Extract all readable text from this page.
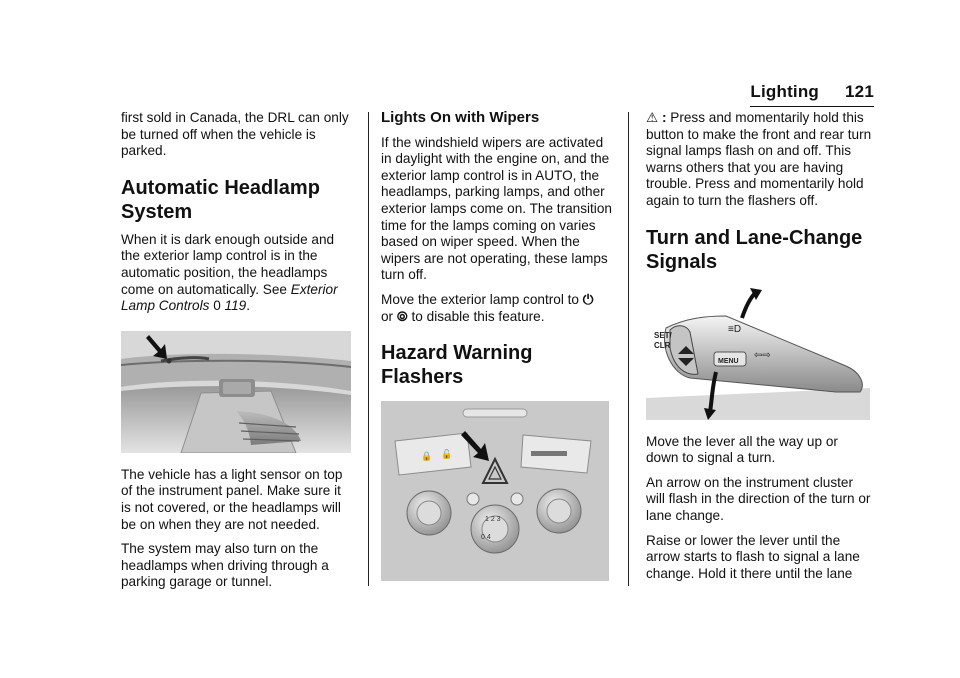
Lighting 121

first sold in Canada, the DRL can only be turned off when the vehicle is parked.

Automatic Headlamp System

When it is dark enough outside and the exterior lamp control is in the automatic position, the headlamps come on automatically. See Exterior Lamp Controls 0 119.

The vehicle has a light sensor on top of the instrument panel. Make sure it is not covered, or the headlamps will be on when they are not needed.

The system may also turn on the headlamps when driving through a parking garage or tunnel.

Lights On with Wipers

If the windshield wipers are activated in daylight with the engine on, and the exterior lamp control is in AUTO, the headlamps, parking lamps, and other exterior lamps come on. The transition time for the lamps coming on varies based on wiper speed. When the wipers are not operating, these lamps turn off.

Move the exterior lamp control to ⏻
or ⦾ to disable this feature.

Hazard Warning Flashers
🔒 🔓
1 2 3
0 4

⚠ : Press and momentarily hold this button to make the front and rear turn signal lamps flash on and off. This warns others that you are having trouble. Press and momentarily hold again to turn the flashers off.

Turn and Lane-Change Signals
SET/
CLR
MENU
⇦⇨
≡D

Move the lever all the way up or down to signal a turn.

An arrow on the instrument cluster will flash in the direction of the turn or lane change.

Raise or lower the lever until the arrow starts to flash to signal a lane change. Hold it there until the lane
